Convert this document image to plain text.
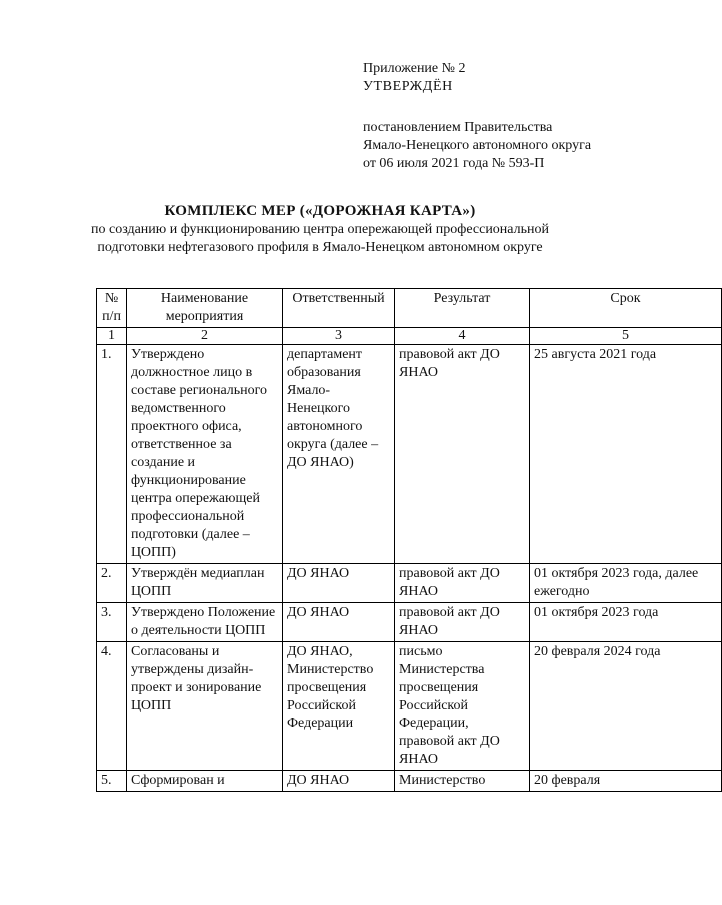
Приложение № 2
УТВЕРЖДЁН
постановлением Правительства
Ямало-Ненецкого автономного округа
от 06 июля 2021 года № 593-П
КОМПЛЕКС МЕР («ДОРОЖНАЯ КАРТА»)
по созданию и функционированию центра опережающей профессиональной
подготовки нефтегазового профиля в Ямало-Ненецком автономном округе
№ п/п	Наименование мероприятия	Ответственный	Результат	Срок
1	2	3	4	5
1.	Утверждено должностное лицо в составе регионального ведомственного проектного офиса, ответственное за создание и функционирование центра опережающей профессиональной подготовки (далее – ЦОПП)	департамент образования Ямало-Ненецкого автономного округа (далее – ДО ЯНАО)	правовой акт ДО ЯНАО	25 августа 2021 года
2.	Утверждён медиаплан ЦОПП	ДО ЯНАО	правовой акт ДО ЯНАО	01 октября 2023 года, далее ежегодно
3.	Утверждено Положение о деятельности ЦОПП	ДО ЯНАО	правовой акт ДО ЯНАО	01 октября 2023 года
4.	Согласованы и утверждены дизайн-проект и зонирование ЦОПП	ДО ЯНАО, Министерство просвещения Российской Федерации	письмо Министерства просвещения Российской Федерации, правовой акт ДО ЯНАО	20 февраля 2024 года
5.	Сформирован и	ДО ЯНАО	Министерство	20 февраля
